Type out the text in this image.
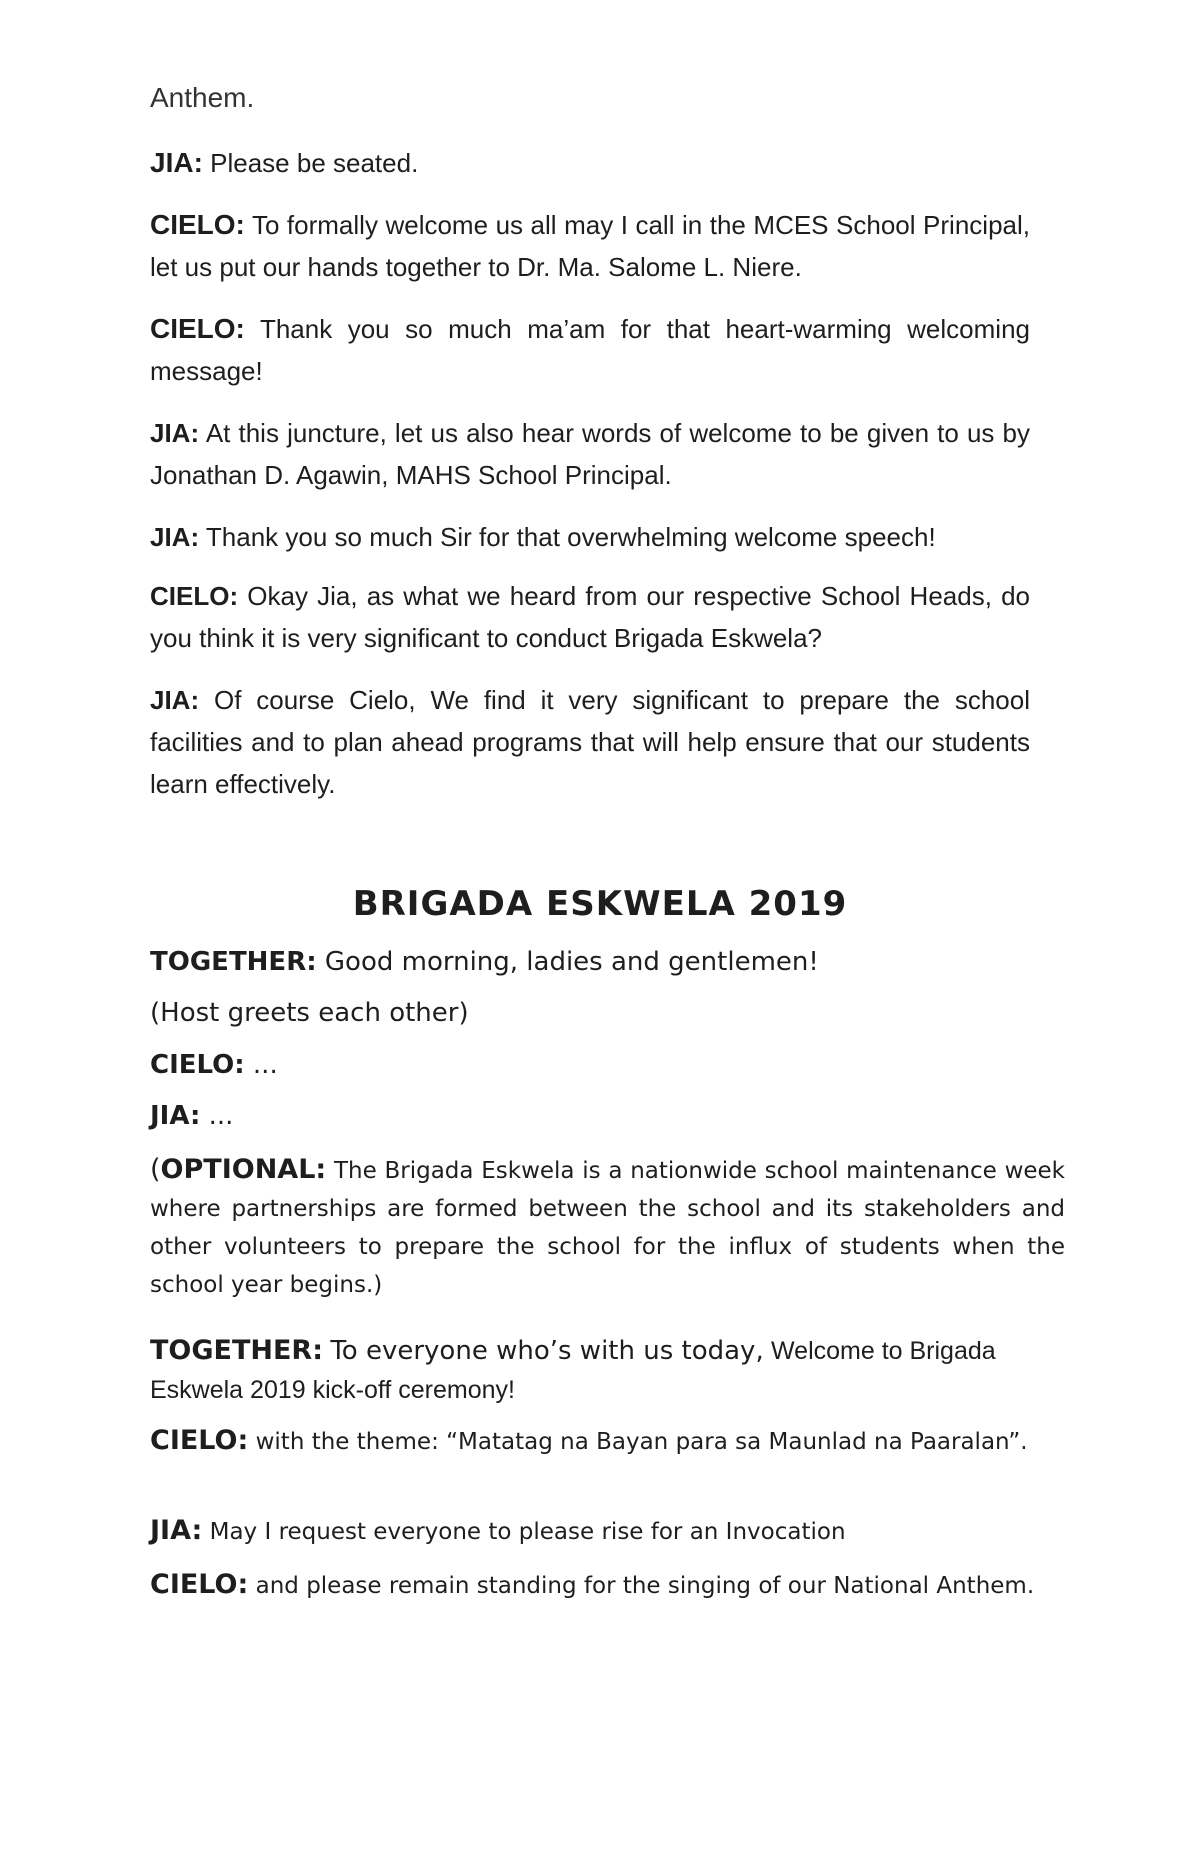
Anthem.
JIA: Please be seated.
CIELO: To formally welcome us all may I call in the MCES School Principal, let us put our hands together to Dr. Ma. Salome L. Niere.
CIELO: Thank you so much ma’am for that heart-warming welcoming message!
JIA: At this juncture, let us also hear words of welcome to be given to us by Jonathan D. Agawin, MAHS School Principal.
JIA: Thank you so much Sir for that overwhelming welcome speech!
CIELO: Okay Jia, as what we heard from our respective School Heads, do you think it is very significant to conduct Brigada Eskwela?
JIA: Of course Cielo, We find it very significant to prepare the school facilities and to plan ahead programs that will help ensure that our students learn effectively.
BRIGADA ESKWELA 2019
TOGETHER: Good morning, ladies and gentlemen!
(Host greets each other)
CIELO: ...
JIA: ...
(OPTIONAL: The Brigada Eskwela is a nationwide school maintenance week where partnerships are formed between the school and its stakeholders and other volunteers to prepare the school for the influx of students when the school year begins.)
TOGETHER: To everyone who’s with us today, Welcome to Brigada Eskwela 2019 kick-off ceremony!
CIELO: with the theme: “Matatag na Bayan para sa Maunlad na Paaralan”.
JIA: May I request everyone to please rise for an Invocation
CIELO: and please remain standing for the singing of our National Anthem.
